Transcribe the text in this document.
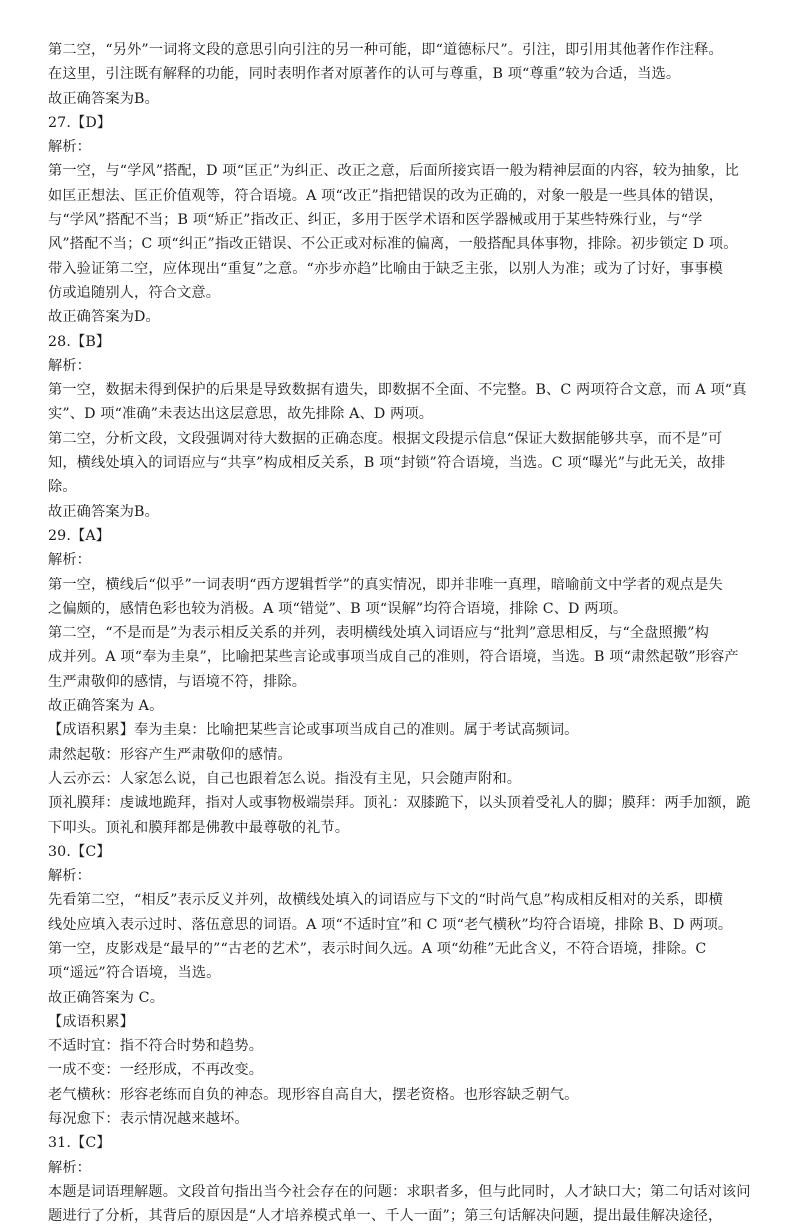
第二空，“另外”一词将文段的意思引向引注的另一种可能，即“道德标尺”。引注，即引用其他著作作注释。
在这里，引注既有解释的功能，同时表明作者对原著作的认可与尊重，B 项“尊重”较为合适，当选。
故正确答案为B。
27.【D】
解析：
第一空，与“学风”搭配，D 项“匡正”为纠正、改正之意，后面所接宾语一般为精神层面的内容，较为抽象，比
如匡正想法、匡正价值观等，符合语境。A 项“改正”指把错误的改为正确的，对象一般是一些具体的错误，
与“学风”搭配不当；B 项“矫正”指改正、纠正，多用于医学术语和医学器械或用于某些特殊行业，与“学
风”搭配不当；C 项“纠正”指改正错误、不公正或对标准的偏离，一般搭配具体事物，排除。初步锁定 D 项。
带入验证第二空，应体现出“重复”之意。“亦步亦趋”比喻由于缺乏主张，以别人为准；或为了讨好，事事模
仿或追随别人，符合文意。
故正确答案为D。
28.【B】
解析：
第一空，数据未得到保护的后果是导致数据有遗失，即数据不全面、不完整。B、C 两项符合文意，而 A 项“真
实”、D 项“准确”未表达出这层意思，故先排除 A、D 两项。
第二空，分析文段，文段强调对待大数据的正确态度。根据文段提示信息“保证大数据能够共享，而不是”可
知，横线处填入的词语应与“共享”构成相反关系，B 项“封锁”符合语境，当选。C 项“曝光”与此无关，故排
除。
故正确答案为B。
29.【A】
解析：
第一空，横线后“似乎”一词表明“西方逻辑哲学”的真实情况，即并非唯一真理，暗喻前文中学者的观点是失
之偏颇的，感情色彩也较为消极。A 项“错觉”、B 项“误解”均符合语境，排除 C、D 两项。
第二空，“不是而是”为表示相反关系的并列，表明横线处填入词语应与“批判”意思相反，与“全盘照搬”构
成并列。A 项“奉为圭臬”，比喻把某些言论或事项当成自己的准则，符合语境，当选。B 项“肃然起敬”形容产
生严肃敬仰的感情，与语境不符，排除。
故正确答案为 A。
【成语积累】奉为圭臬：比喻把某些言论或事项当成自己的准则。属于考试高频词。
肃然起敬：形容产生严肃敬仰的感情。
人云亦云：人家怎么说，自己也跟着怎么说。指没有主见，只会随声附和。
顶礼膜拜：虔诚地跪拜，指对人或事物极端崇拜。顶礼：双膝跪下，以头顶着受礼人的脚；膜拜：两手加额，跪
下叩头。顶礼和膜拜都是佛教中最尊敬的礼节。
30.【C】
解析：
先看第二空，“相反”表示反义并列，故横线处填入的词语应与下文的“时尚气息”构成相反相对的关系，即横
线处应填入表示过时、落伍意思的词语。A 项“不适时宜”和 C 项“老气横秋”均符合语境，排除 B、D 两项。
第一空，皮影戏是“最早的”“古老的艺术”，表示时间久远。A 项“幼稚”无此含义，不符合语境，排除。C
项“遥远”符合语境，当选。
故正确答案为 C。
【成语积累】
不适时宜：指不符合时势和趋势。
一成不变：一经形成，不再改变。
老气横秋：形容老练而自负的神态。现形容自高自大，摆老资格。也形容缺乏朝气。
每况愈下：表示情况越来越坏。
31.【C】
解析：
本题是词语理解题。文段首句指出当今社会存在的问题：求职者多，但与此同时，人才缺口大；第二句话对该问
题进行了分析，其背后的原因是“人才培养模式单一、千人一面”；第三句话解决问题，提出最佳解决途径，
